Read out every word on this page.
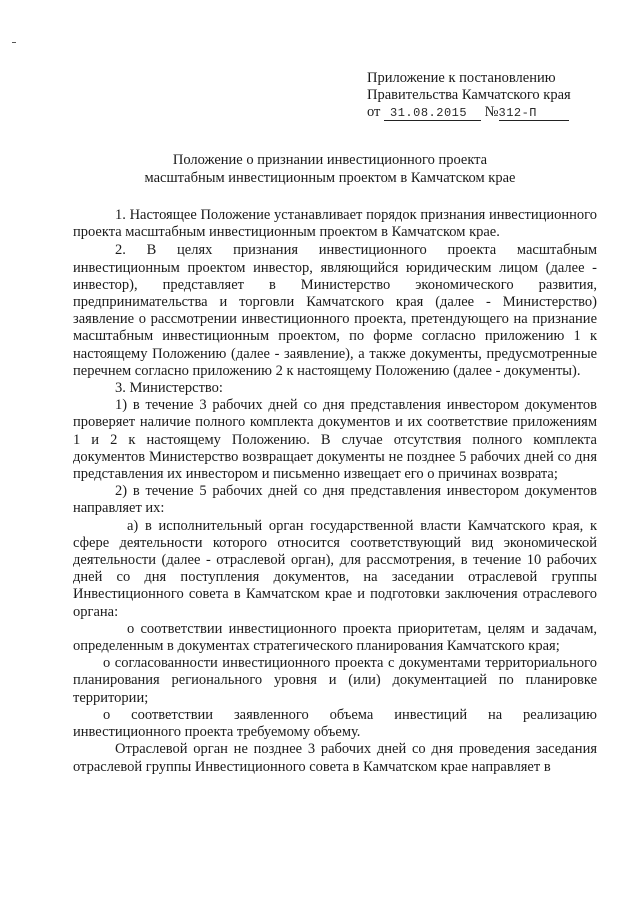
Приложение к постановлению
Правительства Камчатского края
от 31.08.2015 №312-П
Положение о признании инвестиционного проекта
масштабным инвестиционным проектом в Камчатском крае

1. Настоящее Положение устанавливает порядок признания инвестиционного проекта масштабным инвестиционным проектом в Камчатском крае.

2. В целях признания инвестиционного проекта масштабным инвестиционным проектом инвестор, являющийся юридическим лицом (далее - инвестор), представляет в Министерство экономического развития, предпринимательства и торговли Камчатского края (далее - Министерство) заявление о рассмотрении инвестиционного проекта, претендующего на признание масштабным инвестиционным проектом, по форме согласно приложению 1 к настоящему Положению (далее - заявление), а также документы, предусмотренные перечнем согласно приложению 2 к настоящему Положению (далее - документы).

3. Министерство:

1) в течение 3 рабочих дней со дня представления инвестором документов проверяет наличие полного комплекта документов и их соответствие приложениям 1 и 2 к настоящему Положению. В случае отсутствия полного комплекта документов Министерство возвращает документы не позднее 5 рабочих дней со дня представления их инвестором и письменно извещает его о причинах возврата;

2) в течение 5 рабочих дней со дня представления инвестором документов направляет их:

а) в исполнительный орган государственной власти Камчатского края, к сфере деятельности которого относится соответствующий вид экономической деятельности (далее - отраслевой орган), для рассмотрения, в течение 10 рабочих дней со дня поступления документов, на заседании отраслевой группы Инвестиционного совета в Камчатском крае и подготовки заключения отраслевого органа:

о соответствии инвестиционного проекта приоритетам, целям и задачам, определенным в документах стратегического планирования Камчатского края;

о согласованности инвестиционного проекта с документами территориального планирования регионального уровня и (или) документацией по планировке территории;

о соответствии заявленного объема инвестиций на реализацию инвестиционного проекта требуемому объему.

Отраслевой орган не позднее 3 рабочих дней со дня проведения заседания отраслевой группы Инвестиционного совета в Камчатском крае направляет в
